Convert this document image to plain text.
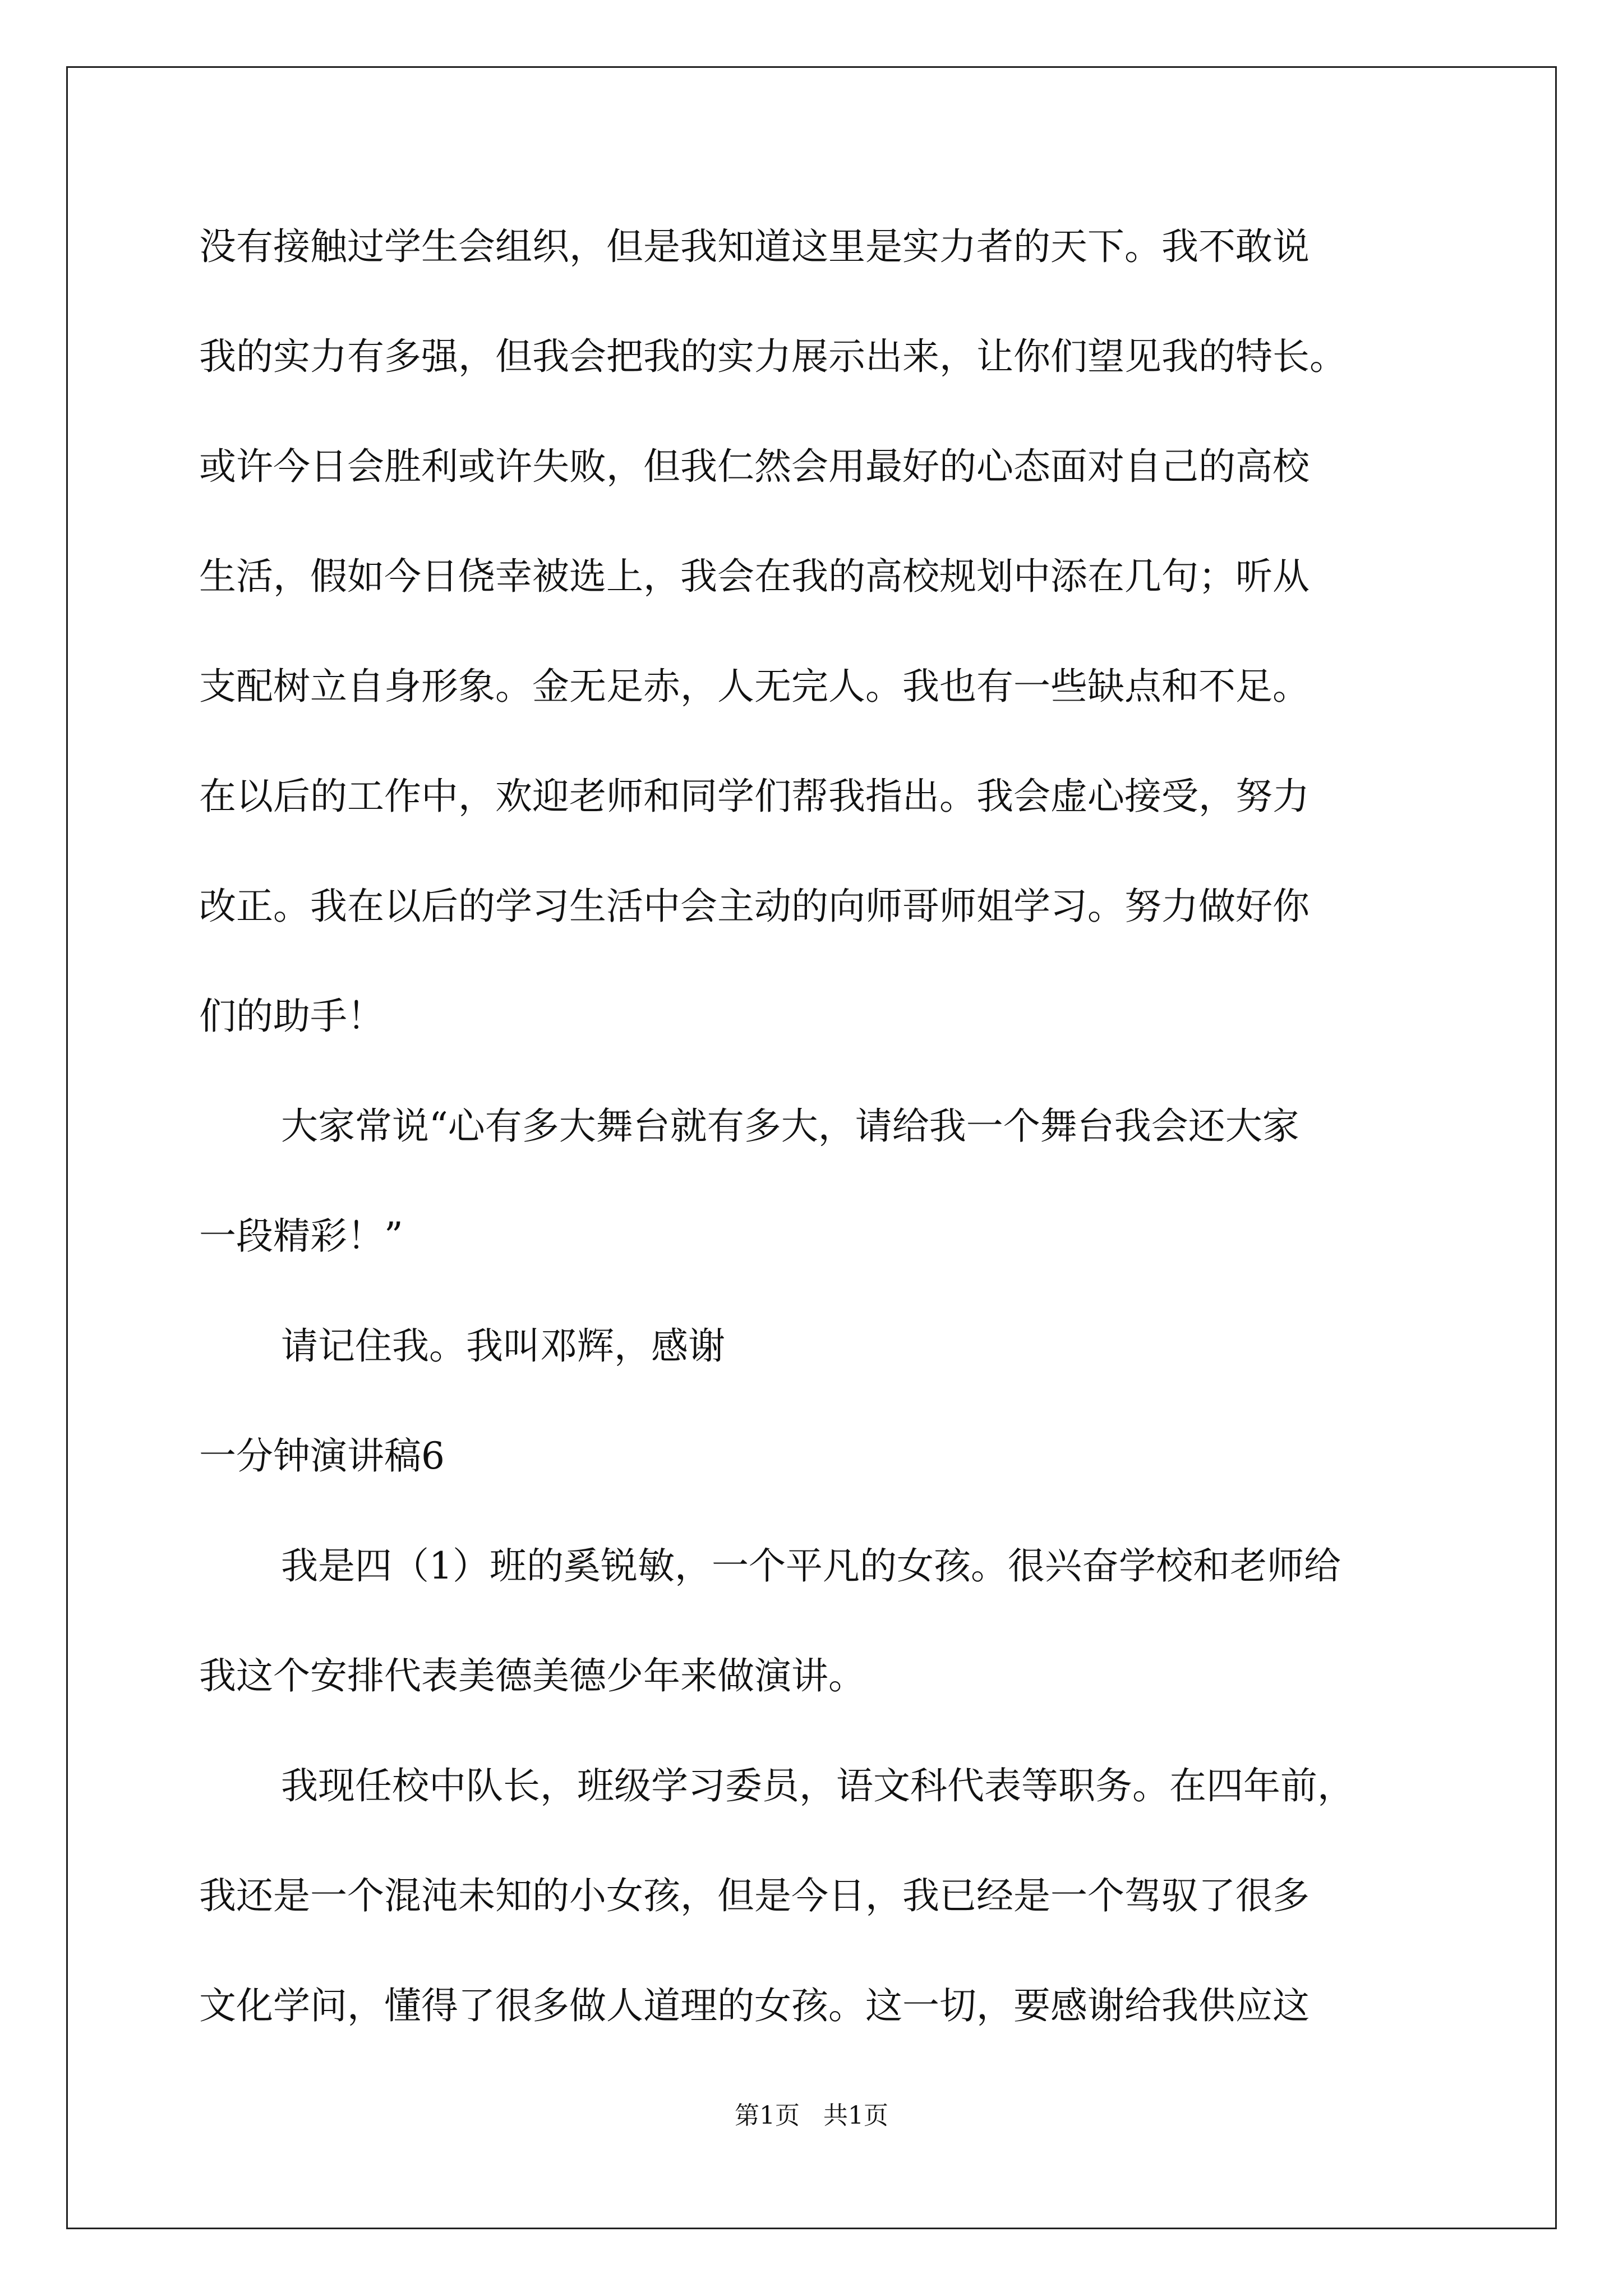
没有接触过学生会组织，但是我知道这里是实力者的天下。我不敢说
我的实力有多强，但我会把我的实力展示出来，让你们望见我的特长。
或许今日会胜利或许失败，但我仁然会用最好的心态面对自己的高校
生活，假如今日侥幸被选上，我会在我的高校规划中添在几句；听从
支配树立自身形象。金无足赤，人无完人。我也有一些缺点和不足。
在以后的工作中，欢迎老师和同学们帮我指出。我会虚心接受，努力
改正。我在以后的学习生活中会主动的向师哥师姐学习。努力做好你
们的助手！
大家常说“心有多大舞台就有多大，请给我一个舞台我会还大家
一段精彩！”
请记住我。我叫邓辉，感谢
一分钟演讲稿6
我是四（1）班的奚锐敏，一个平凡的女孩。很兴奋学校和老师给
我这个安排代表美德美德少年来做演讲。
我现任校中队长，班级学习委员，语文科代表等职务。在四年前，
我还是一个混沌未知的小女孩，但是今日，我已经是一个驾驭了很多
文化学问，懂得了很多做人道理的女孩。这一切，要感谢给我供应这
第1页   共1页
